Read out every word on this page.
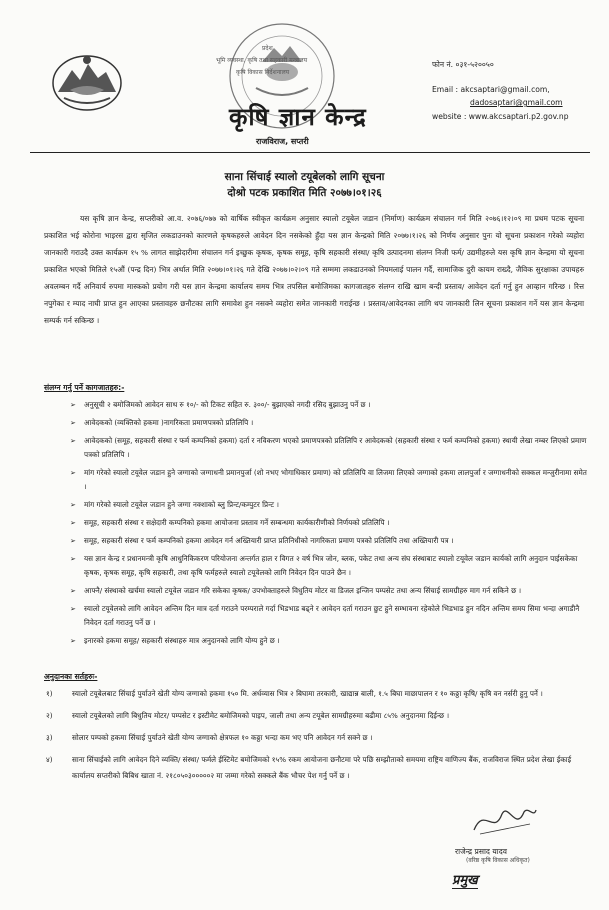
प्रदेश
भूमि व्यवस्था, कृषि तथा सहकारी मन्त्रालय
कृषि विकास निर्देशनालय
कृषि ज्ञान केन्द्र
राजविराज, सप्तरी
फोन नं. ०३१-५२००५०
Email : akcsaptari@gmail.com,
dadosaptari@gmail.com
website : www.akcsaptari.p2.gov.np
साना सिंचाई स्यालो टयूबेलको लागि सूचना
दोश्रो पटक प्रकाशित मिति २०७७।०१।२६

यस कृषि ज्ञान केन्द्र, सप्तरीको आ.व. २०७६/०७७ को वार्षिक स्वीकृत कार्यक्रम अनुसार स्यालो टयूबेल जडान (निर्माण) कार्यक्रम संचालन गर्न मिति २०७६।१२।०९ मा प्रथम पटक सूचना प्रकाशित भई कोरोना भाइरस द्वारा सृजित लकडाउनको कारणले कृषकहरुले आवेदन दिन नसकेको हुँदा यस ज्ञान केन्द्रको मिति २०७७।१।२६ को निर्णय अनुसार पुनः यो सूचना प्रकाशन गरेको व्यहोरा जानकारी गराउदै उक्त कार्यक्रम १५ % लागत साझेदारीमा संचालन गर्न इच्छुक कृषक, कृषक समूह, कृषि सहकारी संस्था/ कृषि उत्पादनमा संलग्न निजी फर्म/ उद्यमीहरुले यस कृषि ज्ञान केन्द्रमा यो सूचना प्रकाशित भएको मितिले १५औं (पन्द्र दिन) भित्र अर्थात मिति २०७७।०१।२६ गते देखि २०७७।०२।०९ गते सम्ममा लकडाउनको नियमलाई पालन गर्दै, सामाजिक दुरी कायम राख्दै, जैविक सुरक्षाका उपायहरु अवलम्बन गर्दै अनिवार्य रुपमा मास्कको प्रयोग गरी यस ज्ञान केन्द्रमा कार्यालय समय भित्र तपसिल बमोजिमका कागजातहरु संलग्न राखि खाम बन्दी प्रस्ताव/ आवेदन दर्ता गर्नु हुन आव्हान गरिन्छ । रित्त नपुगेका र म्याद नाघी प्राप्त हुन आएका प्रस्तावहरु छनौटका लागि समावेश हुन नसक्ने व्यहोरा समेत जानकारी गराईन्छ । प्रस्ताव/आवेदनका लागि थप जानकारी लिन सूचना प्रकाशन गर्ने यस ज्ञान केन्द्रमा सम्पर्क गर्न सकिन्छ ।

संलग्न गर्नु पर्ने कागजातहरु:-
➢ अनुसूची २ बमोजिमको आवेदन साथ रु १०/- को टिकट सहित रु. ३००/- बुझाएको नगदी रसिद बुझाउनु पर्ने छ ।
➢ आवेदकको (व्यक्तिको हकमा )नागरिकता प्रमाणपत्रको प्रतिलिपि ।
➢ आवेदकको (समूह, सहकारी संस्था र फर्म कम्पनिको हकमा) दर्ता र नविकरण भएको प्रमाणपत्रको प्रतिलिपि र आवेदकको (सहकारी संस्था र फर्म कम्पनिको हकमा) स्थायी लेखा नम्बर लिएको प्रमाण पत्रको प्रतिलिपि ।
➢ मांग गरेको स्यालो टयूवेल जडान हुने जग्गाको जग्गाधनी प्रमानपुर्जा (शो नभए भोगाधिकार प्रमाण) को प्रतिलिपि वा लिजमा लिएको जग्गाको हकमा लालपुर्जा र जग्गाधनीको सक्कल मन्जुरीनामा समेत ।
➢ मांग गरेको स्यालो टयूवेल जडान हुने जग्गा नक्शाको ब्लु प्रिन्ट/कम्पुटर प्रिन्ट ।
➢ समूह, सहकारी संस्था र सक्षेदारी कम्पनिको हकमा आयोजना प्रस्ताव गर्ने सम्बन्धमा कार्यकारीणीको निर्णयको प्रतिलिपि ।
➢ समूह, सहकारी संस्था र फर्म कम्पनिको हकमा आवेदन गर्न अख्तियारी प्राप्त प्रतिनिधीको नागरिकता प्रमाण पत्रको प्रतिलिपि तथा अख्तियारी पत्र ।
➢ यस ज्ञान केन्द्र र प्रधानमन्त्री कृषि आधुनिकिकरण परियोजना अन्तर्गत हाल र विगत २ वर्ष भित्र जोन, ब्लक, पकेट तथा अन्य संघ संस्थाबाट स्यालो टयूवेल जडान कार्यको लागि अनुदान पाईसकेका कृषक, कृषक समूह, कृषि सहकारी, तथा कृषि फर्महरुले स्यालो टयूवेलको लागि निवेदन दिन पाउने छैन ।
➢ आफ्नै/ संस्थाको खर्चमा स्यालो टयूवेल जडान गरि सकेका कृषक/ उपभोक्ताहरुले विधुतिय मोटर वा डिजल इन्जिन पम्पसेट तथा अन्य सिंचाई सामग्रीहरु माग गर्न सकिने छ ।
➢ स्यालो टयूवेलको लागि आवेदन अन्तिम दिन मात्र दर्ता गराउने परम्पराले गर्दा भिडभाड बढ्ने र आवेदन दर्ता गराउन छुट हुने सम्भावना रहेकोले भिडभाड हुन नदिन अन्तिम समय सिमा भन्दा अगाडीनै निवेदन दर्ता गराउनु पर्ने छ ।
➢ इनारको हकमा समूह/ सहकारी संस्थाहरु मात्र अनुदानको लागि योग्य हुने छ ।
अनुदानका सर्तहरुः-
१)	स्यालो टयूबेलबाट सिंचाई पुर्याउने खेती योग्य जग्गाको हकमा १५० मि. अर्धव्यास भित्र २ बिघामा तरकारी, खाद्यान्न बाली, १.५ बिघा माछापालन र १० कठ्ठा कृषि/ कृषि वन नर्सरी हुनु पर्ने ।
२)	स्यालो टयूबेलको लागि बिधुतिय मोटर/ पम्पसेट र इस्टीमेट बमोजिमको पाइप, जाली तथा अन्य टयूबेल सामग्रीहरुमा बढीमा ८५% अनुदानमा दिईन्छ ।
३)	सोलार पम्पको हकमा सिंचाई पुर्याउने खेती योग्य जग्गाको क्षेत्रफल १० कठ्ठा भन्दा कम भए पनि आवेदन गर्न सक्ने छ ।
४)	साना सिंचाईको लागि आवेदन दिने व्यक्ति/ संस्था/ फर्मले ईस्टिमेट बमोजिमको १५% रकम आयोजना छनौटमा परे पछि सम्झौताको समयमा राष्ट्रिय वाणिज्य बैंक, राजविराज स्थित प्रदेश लेखा ईकाई कार्यालय सप्तरीको बिबिध खाता नं. २१८०५०३०००००२ मा जम्मा गरेको सक्कले बैंक भौचर पेश गर्नु पर्ने छ ।
राजेन्द्र प्रसाद यादव
(वरिष्ठ कृषि विकास अधिकृत)
प्रमुख
